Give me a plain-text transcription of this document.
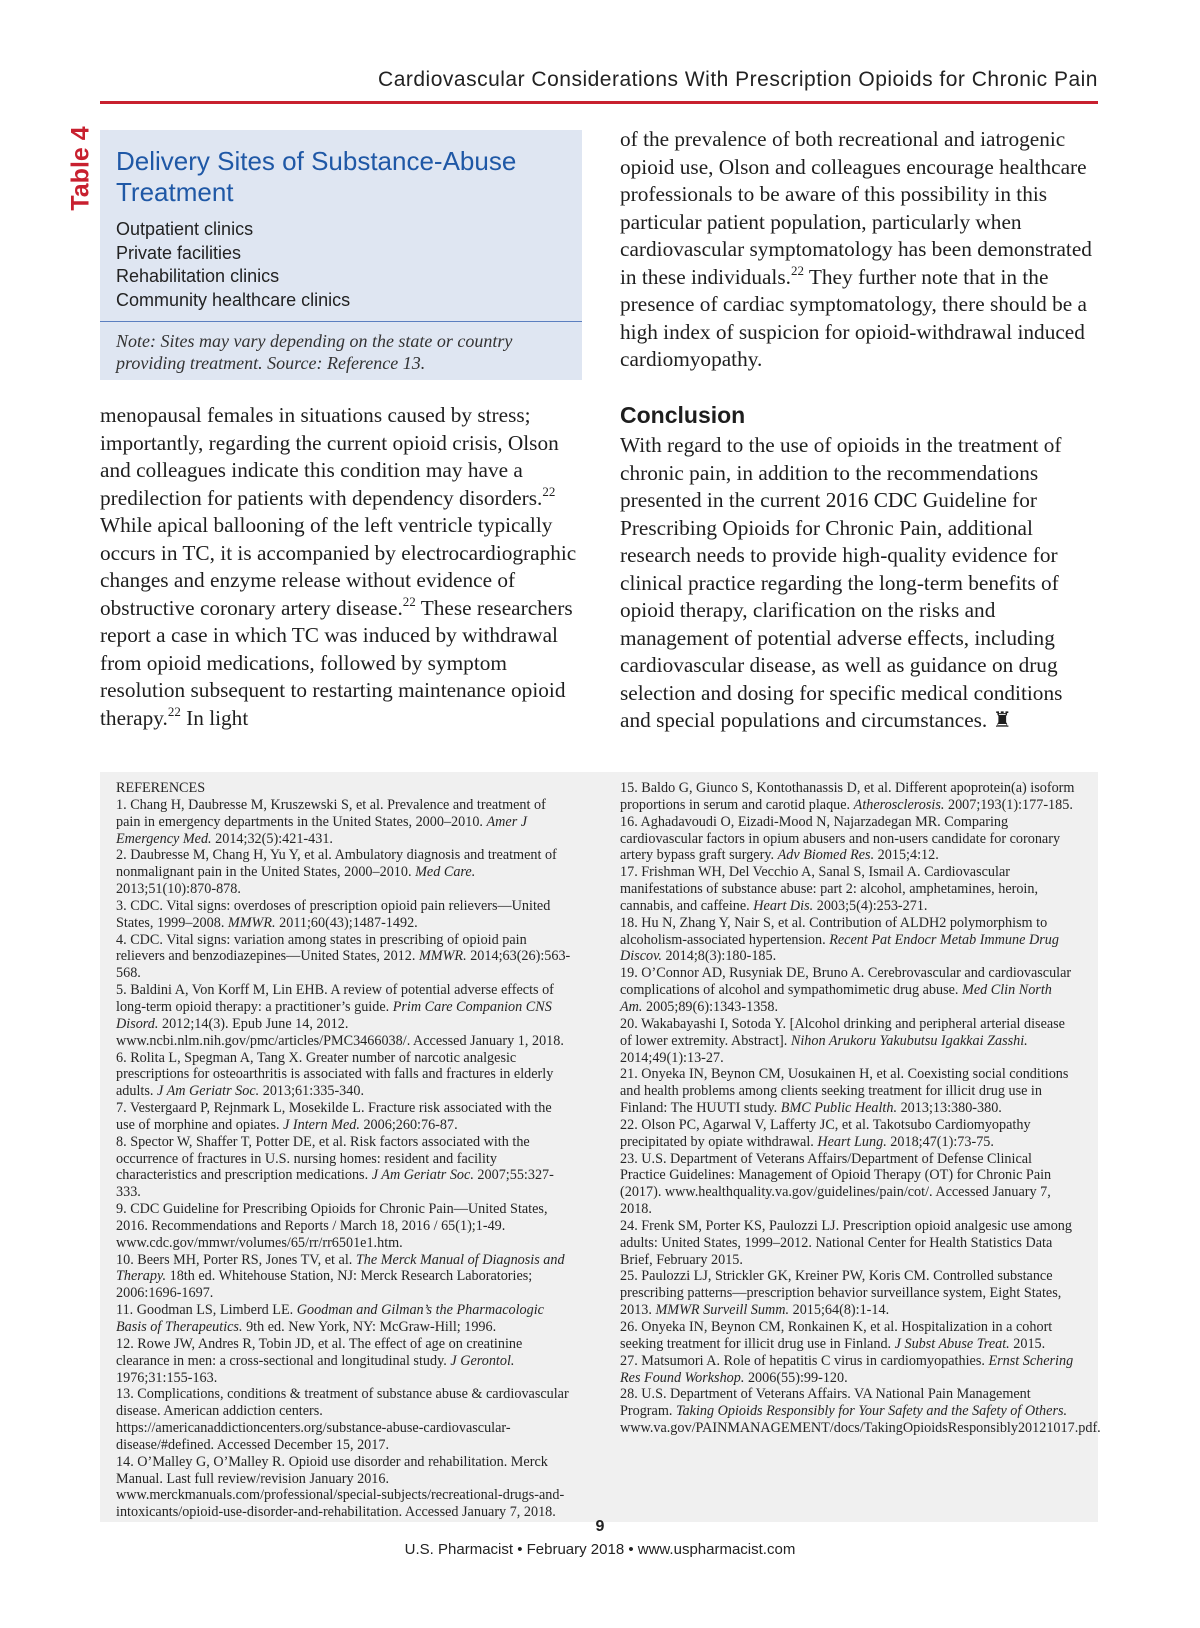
Cardiovascular Considerations With Prescription Opioids for Chronic Pain
Table 4 Delivery Sites of Substance-Abuse Treatment
Outpatient clinics
Private facilities
Rehabilitation clinics
Community healthcare clinics

Note: Sites may vary depending on the state or country providing treatment. Source: Reference 13.

menopausal females in situations caused by stress; importantly, regarding the current opioid crisis, Olson and colleagues indicate this condition may have a predilection for patients with dependency disorders.$^{22}$ While apical ballooning of the left ventricle typically occurs in TC, it is accompanied by electrocardiographic changes and enzyme release without evidence of obstructive coronary artery disease.$^{22}$ These researchers report a case in which TC was induced by withdrawal from opioid medications, followed by symptom resolution subsequent to restarting maintenance opioid therapy.$^{22}$ In light

of the prevalence of both recreational and iatrogenic opioid use, Olson and colleagues encourage healthcare professionals to be aware of this possibility in this particular patient population, particularly when cardiovascular symptomatology has been demonstrated in these individuals.$^{22}$ They further note that in the presence of cardiac symptomatology, there should be a high index of suspicion for opioid-withdrawal induced cardiomyopathy.

Conclusion

With regard to the use of opioids in the treatment of chronic pain, in addition to the recommendations presented in the current 2016 CDC Guideline for Prescribing Opioids for Chronic Pain, additional research needs to provide high-quality evidence for clinical practice regarding the long-term benefits of opioid therapy, clarification on the risks and management of potential adverse effects, including cardiovascular disease, as well as guidance on drug selection and dosing for specific medical conditions and special populations and circumstances. ♜

REFERENCES

1. Chang H, Daubresse M, Kruszewski S, et al. Prevalence and treatment of pain in emergency departments in the United States, 2000–2010. Amer J Emergency Med. 2014;32(5):421-431.

2. Daubresse M, Chang H, Yu Y, et al. Ambulatory diagnosis and treatment of nonmalignant pain in the United States, 2000–2010. Med Care. 2013;51(10):870-878.

3. CDC. Vital signs: overdoses of prescription opioid pain relievers—United States, 1999–2008. MMWR. 2011;60(43);1487-1492.

4. CDC. Vital signs: variation among states in prescribing of opioid pain relievers and benzodiazepines—United States, 2012. MMWR. 2014;63(26):563-568.

5. Baldini A, Von Korff M, Lin EHB. A review of potential adverse effects of long-term opioid therapy: a practitioner’s guide. Prim Care Companion CNS Disord. 2012;14(3). Epub June 14, 2012. www.ncbi.nlm.nih.gov/pmc/articles/PMC3466038/. Accessed January 1, 2018.

6. Rolita L, Spegman A, Tang X. Greater number of narcotic analgesic prescriptions for osteoarthritis is associated with falls and fractures in elderly adults. J Am Geriatr Soc. 2013;61:335-340.

7. Vestergaard P, Rejnmark L, Mosekilde L. Fracture risk associated with the use of morphine and opiates. J Intern Med. 2006;260:76-87.

8. Spector W, Shaffer T, Potter DE, et al. Risk factors associated with the occurrence of fractures in U.S. nursing homes: resident and facility characteristics and prescription medications. J Am Geriatr Soc. 2007;55:327-333.

9. CDC Guideline for Prescribing Opioids for Chronic Pain—United States, 2016. Recommendations and Reports / March 18, 2016 / 65(1);1-49. www.cdc.gov/mmwr/volumes/65/rr/rr6501e1.htm.

10. Beers MH, Porter RS, Jones TV, et al. The Merck Manual of Diagnosis and Therapy. 18th ed. Whitehouse Station, NJ: Merck Research Laboratories; 2006:1696-1697.

11. Goodman LS, Limberd LE. Goodman and Gilman’s the Pharmacologic Basis of Therapeutics. 9th ed. New York, NY: McGraw-Hill; 1996.

12. Rowe JW, Andres R, Tobin JD, et al. The effect of age on creatinine clearance in men: a cross-sectional and longitudinal study. J Gerontol. 1976;31:155-163.

13. Complications, conditions & treatment of substance abuse & cardiovascular disease. American addiction centers. https://americanaddictioncenters.org/substance-abuse-cardiovascular-disease/#defined. Accessed December 15, 2017.

14. O’Malley G, O’Malley R. Opioid use disorder and rehabilitation. Merck Manual. Last full review/revision January 2016. www.merckmanuals.com/professional/special-subjects/recreational-drugs-and-intoxicants/opioid-use-disorder-and-rehabilitation. Accessed January 7, 2018.

15. Baldo G, Giunco S, Kontothanassis D, et al. Different apoprotein(a) isoform proportions in serum and carotid plaque. Atherosclerosis. 2007;193(1):177-185.

16. Aghadavoudi O, Eizadi-Mood N, Najarzadegan MR. Comparing cardiovascular factors in opium abusers and non-users candidate for coronary artery bypass graft surgery. Adv Biomed Res. 2015;4:12.

17. Frishman WH, Del Vecchio A, Sanal S, Ismail A. Cardiovascular manifestations of substance abuse: part 2: alcohol, amphetamines, heroin, cannabis, and caffeine. Heart Dis. 2003;5(4):253-271.

18. Hu N, Zhang Y, Nair S, et al. Contribution of ALDH2 polymorphism to alcoholism-associated hypertension. Recent Pat Endocr Metab Immune Drug Discov. 2014;8(3):180-185.

19. O’Connor AD, Rusyniak DE, Bruno A. Cerebrovascular and cardiovascular complications of alcohol and sympathomimetic drug abuse. Med Clin North Am. 2005;89(6):1343-1358.

20. Wakabayashi I, Sotoda Y. [Alcohol drinking and peripheral arterial disease of lower extremity. Abstract]. Nihon Arukoru Yakubutsu Igakkai Zasshi. 2014;49(1):13-27.

21. Onyeka IN, Beynon CM, Uosukainen H, et al. Coexisting social conditions and health problems among clients seeking treatment for illicit drug use in Finland: The HUUTI study. BMC Public Health. 2013;13:380-380.

22. Olson PC, Agarwal V, Lafferty JC, et al. Takotsubo Cardiomyopathy precipitated by opiate withdrawal. Heart Lung. 2018;47(1):73-75.

23. U.S. Department of Veterans Affairs/Department of Defense Clinical Practice Guidelines: Management of Opioid Therapy (OT) for Chronic Pain (2017). www.healthquality.va.gov/guidelines/pain/cot/. Accessed January 7, 2018.

24. Frenk SM, Porter KS, Paulozzi LJ. Prescription opioid analgesic use among adults: United States, 1999–2012. National Center for Health Statistics Data Brief, February 2015.

25. Paulozzi LJ, Strickler GK, Kreiner PW, Koris CM. Controlled substance prescribing patterns—prescription behavior surveillance system, Eight States, 2013. MMWR Surveill Summ. 2015;64(8):1-14.

26. Onyeka IN, Beynon CM, Ronkainen K, et al. Hospitalization in a cohort seeking treatment for illicit drug use in Finland. J Subst Abuse Treat. 2015.

27. Matsumori A. Role of hepatitis C virus in cardiomyopathies. Ernst Schering Res Found Workshop. 2006(55):99-120.

28. U.S. Department of Veterans Affairs. VA National Pain Management Program. Taking Opioids Responsibly for Your Safety and the Safety of Others. www.va.gov/PAINMANAGEMENT/docs/TakingOpioidsResponsibly20121017.pdf.

9
U.S. Pharmacist • February 2018 • www.uspharmacist.com
